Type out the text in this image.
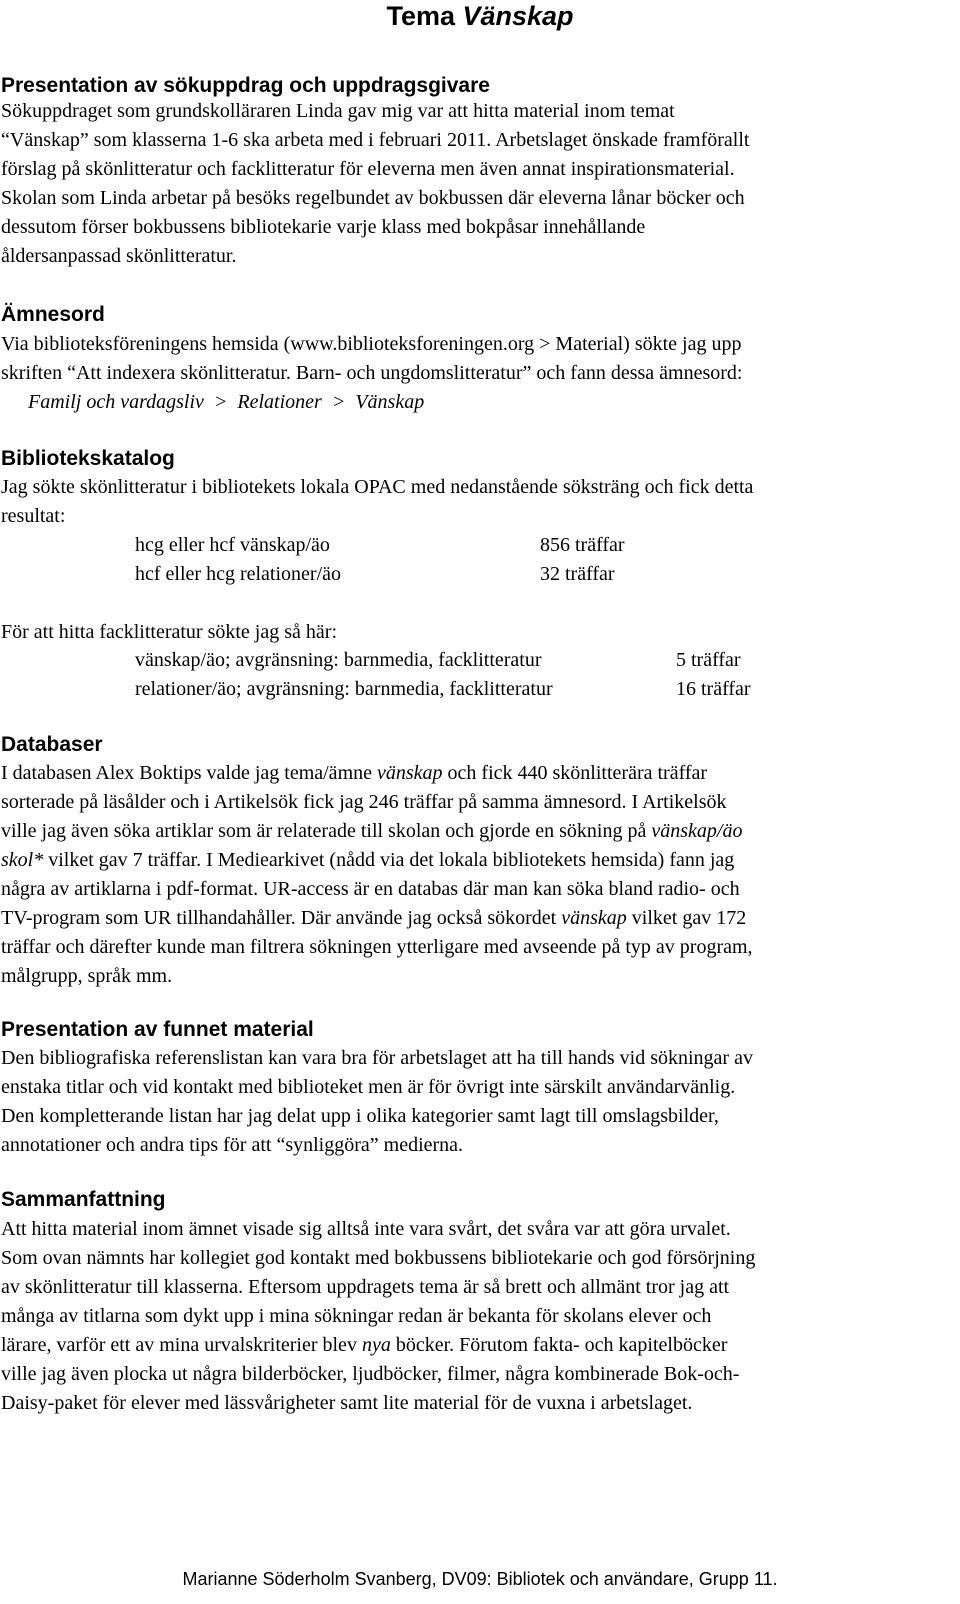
Tema Vänskap
Presentation av sökuppdrag och uppdragsgivare
Sökuppdraget som grundskolläraren Linda gav mig var att hitta material inom temat
“Vänskap” som klasserna 1-6 ska arbeta med i februari 2011. Arbetslaget önskade framförallt
förslag på skönlitteratur och facklitteratur för eleverna men även annat inspirationsmaterial.
Skolan som Linda arbetar på besöks regelbundet av bokbussen där eleverna lånar böcker och
dessutom förser bokbussens bibliotekarie varje klass med bokpåsar innehållande
åldersanpassad skönlitteratur.
Ämnesord
Via biblioteksföreningens hemsida (www.biblioteksforeningen.org > Material) sökte jag upp
skriften “Att indexera skönlitteratur. Barn- och ungdomslitteratur” och fann dessa ämnesord:
Familj och vardagsliv  >  Relationer  >  Vänskap
Bibliotekskatalog
Jag sökte skönlitteratur i bibliotekets lokala OPAC med nedanstående söksträng och fick detta
resultat:
hcg eller hcf vänskap/äo	856 träffar
hcf eller hcg relationer/äo	32 träffar
För att hitta facklitteratur sökte jag så här:
vänskap/äo; avgränsning: barnmedia, facklitteratur	5 träffar
relationer/äo; avgränsning: barnmedia, facklitteratur	16 träffar
Databaser
I databasen Alex Boktips valde jag tema/ämne vänskap och fick 440 skönlitterära träffar
sorterade på läsålder och i Artikelsök fick jag 246 träffar på samma ämnesord. I Artikelsök
ville jag även söka artiklar som är relaterade till skolan och gjorde en sökning på vänskap/äo
skol* vilket gav 7 träffar. I Mediearkivet (nådd via det lokala bibliotekets hemsida) fann jag
några av artiklarna i pdf-format. UR-access är en databas där man kan söka bland radio- och
TV-program som UR tillhandahåller. Där använde jag också sökordet vänskap vilket gav 172
träffar och därefter kunde man filtrera sökningen ytterligare med avseende på typ av program,
målgrupp, språk mm.
Presentation av funnet material
Den bibliografiska referenslistan kan vara bra för arbetslaget att ha till hands vid sökningar av
enstaka titlar och vid kontakt med biblioteket men är för övrigt inte särskilt användarvänlig.
Den kompletterande listan har jag delat upp i olika kategorier samt lagt till omslagsbilder,
annotationer och andra tips för att “synliggöra” medierna.
Sammanfattning
Att hitta material inom ämnet visade sig alltså inte vara svårt, det svåra var att göra urvalet.
Som ovan nämnts har kollegiet god kontakt med bokbussens bibliotekarie och god försörjning
av skönlitteratur till klasserna. Eftersom uppdragets tema är så brett och allmänt tror jag att
många av titlarna som dykt upp i mina sökningar redan är bekanta för skolans elever och
lärare, varför ett av mina urvalskriterier blev nya böcker. Förutom fakta- och kapitelböcker
ville jag även plocka ut några bilderböcker, ljudböcker, filmer, några kombinerade Bok-och-
Daisy-paket för elever med lässvårigheter samt lite material för de vuxna i arbetslaget.
Marianne Söderholm Svanberg, DV09: Bibliotek och användare, Grupp 11.
